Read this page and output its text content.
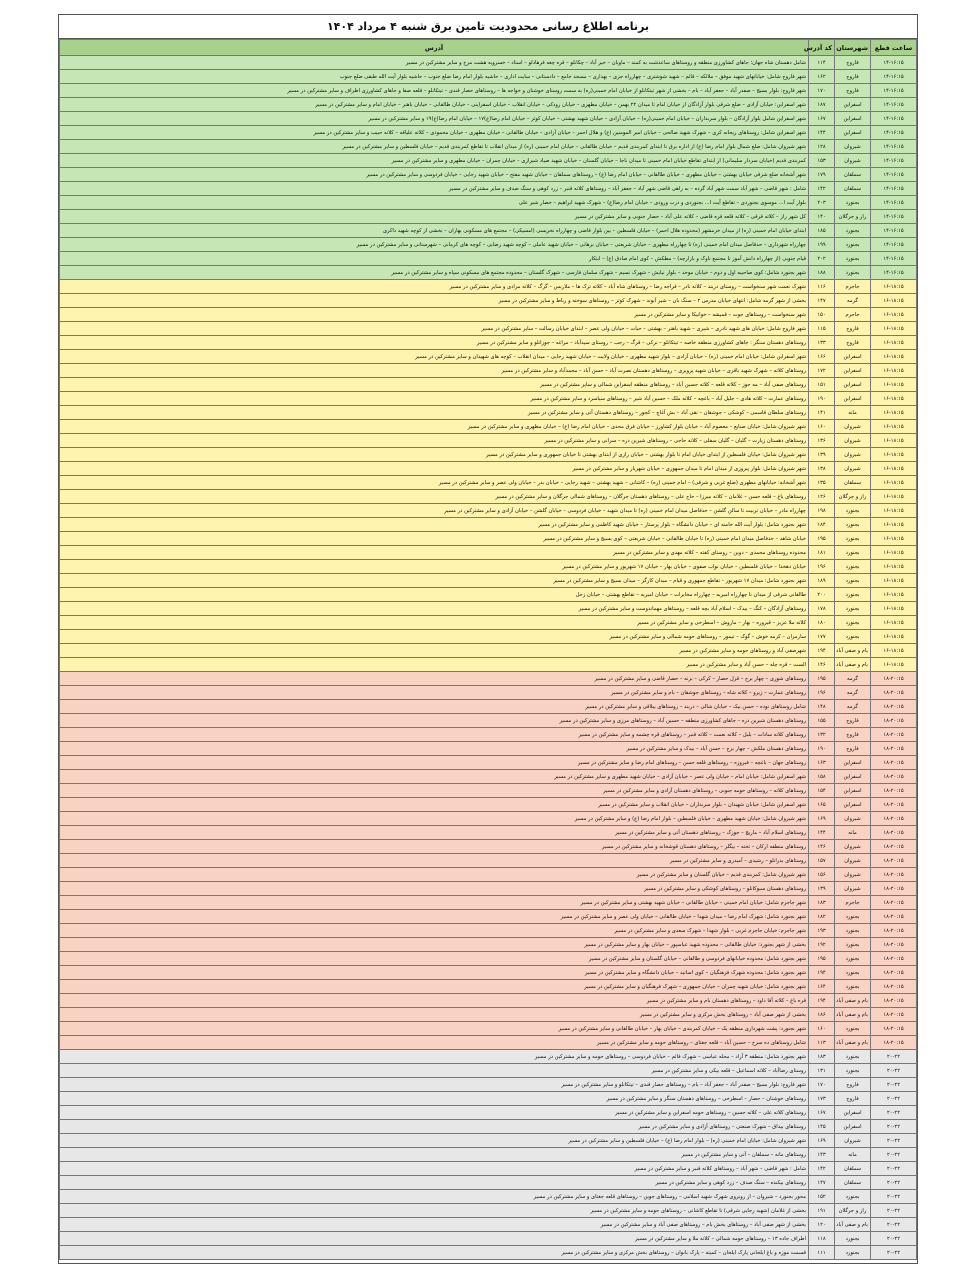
برنامه اطلاع رسانی محدودیت تامین برق شنبه ۴ مرداد ۱۴۰۴
ساعت قطع	شهرستان	کد آدرس	آدرس
۱۴-۱۶:۱۵	فاروج	۱۱۴	شامل دهستان شاه جهان؛ جاهای کشاورزی منطقه و روستاهای ساعدشت به کمند – ماویان – خیر آباد – چکانلو – قره چغه فرهادلو – استاد – خسرویه هشت مرخ و سایر مشترکین در مسیر
۱۴-۱۶:۱۵	فاروج	۱۶۲	شهر فاروج شامل: خیابانهای شهید موفق – ملائکه – قائم – شهید شوشتری – چهارراه جزی – بهداری – مسجد جامع – دادستانی – سایت اداری – حاشیه بلوار امام رضا ضلع جنوب – حاشیه بلوار آیت الله طبقی ضلع جنوب
۱۴-۱۶:۱۵	فاروج	۱۷۰	شهر فاروج: بلوار بسیج – صفدر آباد – جعفر آباد – بام – بخشی از شهر تیتکانلو از خیابان امام خمینی(ره) به سمت روستای خوشنان و خواجه ها – روستاهای حصار قندی – تیتکانلو – قلعه صفا و جاهای کشاورزی اطراف و سایر مشترکین در مسیر
۱۴-۱۶:۱۵	اسفراین	۱۸۷	شهر اسفراین: خیابان آزادی – ضلع شرقی بلوار آزادگان از خیابان امام تا میدان ۲۲ بهمن – خیابان مطهری – خیابان رودکی – خیابان انقلاب – خیابان اسفراینی – خیابان طالقانی – خیابان باهنر – خیابان امام و سایر مشترکین در مسیر
۱۴-۱۶:۱۵	اسفراین	۱۶۷	شهر اسفراین شامل بلوار آزادگان – بلوار سربداران – خیابان امام خمینی(ره) – خیابان آزادی – خیابان شهید بهشتی – خیابان کوثر – خیابان امام رضا(ع)۱۷ – خیابان امام رضا(ع)۱۹ و سایر مشترکین در مسیر
۱۴-۱۶:۱۵	اسفراین	۱۴۴	شهر اسفراین شامل: روستاهای ریحانه کری – شهرک شهید صالحی – خیابان امیر المومنین (ع) و هلال احمر – خیابان آزادی – خیابان طالقانی – خیابان مطهری – خیابان محمودی – کلاته علیاقه – کلاته حبیب و سایر مشترکین در مسیر
۱۴-۱۶:۱۵	شیروان	۱۲۸	شهر شیروان شامل: ضلع شمال بلوار امام رضا (ع) از اداره برق تا ابتدای کمربندی قدیم – خیابان طالقانی – خیابان امام خمینی (ره) از میدان انقلاب تا تقاطع کمربندی قدیم – خیابان فلسطین و سایر مشترکین در مسیر
۱۴-۱۶:۱۵	شیروان	۱۵۳	کمربندی قدیم (خیابان سردار سلیمانی) از ابتدای تقاطع خیابان امام خمینی تا میدان ناجا – خیابان گلستان – خیابان شهید صیاد شیرازی – خیابان چمران – خیابان مطهری و سایر مشترکین در مسیر
۱۴-۱۶:۱۵	سملقان	۱۷۹	شهر آشخانه ضلع شرقی خیابان بهشتی – خیابان مطهری – خیابان طالقانی – خیابان امام رضا (ع) – روستاهای سملقان – خیابان شهید مفتح – خیابان شهید رجایی – خیابان فردوسی و سایر مشترکین در مسیر
۱۴-۱۶:۱۵	سملقان	۱۴۲	شامل : شهر قاضی – شهر آباد سمت شهر آباد گرده – به راهی قاضی شهر آباد – جعفر آباد – روستاهای کلاته قنبر – زرد کوهی و سنگ صدف و سایر مشترکین در مسیر
۱۴-۱۶:۱۵	بجنورد	۲۰۳	بلوار آیت ا... موسوی بجنوردی – تقاطع آیت ا... بجنوردی و درب ورودی – خیابان امام رضا(ع) – شهرک شهید ابراهیم – حصار شیر علی
۱۴-۱۶:۱۵	راز و جرگلان	۱۴۰	کل شهر راز – کلاته قرقی – کلاته قلعه قره قاضی – کلاته علی آباد – حصار جنوبی و سایر مشترکین در مسیر
۱۴-۱۶:۱۵	بجنورد	۱۸۵	ابتدای خیابان امام خمینی (ره) از میدان خرمشهر (محدوده هلال احمر) – خیابان فلسطین – بین بلوار قاضی و چهارراه نخریسی (امسیکی) – مجتمع های مسکونی بهاران – بخشی از کوچه شهید ذاکری
۱۴-۱۶:۱۵	بجنورد	۱۹۹	چهارراه شهرداری – حدفاصل میدان امام خمینی (ره) تا چهارراه مطهری – خیابان شریعتی – خیابان برهانی – خیابان شهید عاملی – کوچه شهید رضایی – کوچه های کرمانی – شهرستانی و سایر مشترکین در مسیر
۱۴-۱۶:۱۵	بجنورد	۲۰۲	قیام جنوبی (از چهارراه دانش آموز تا مجتمع ناوک و بازارچه) – مطکش – کوی امام صادق (ع) – ابتکار
۱۴-۱۶:۱۵	بجنورد	۱۸۸	شهر بجنورد شامل: کوی صاحبیه اول و دوم – خیابان موحد – بلوار نیایش – شهرک نسیم – شهرک سلمان فارسی – شهرک گلستان – محدوده مجتمع های مسکونی سپاه و سایر مشترکین در مسیر
۱۶-۱۸:۱۵	جاجرم	۱۱۶	شهرک نعمت شهر سنخواست – روستای دربند – کلاته نادر – قراجه رضا – روستاهای شاه آباد – کلاته ترک ها – ملاربس – گرگ – کلاته مرادی و سایر مشترکین در مسیر
۱۶-۱۸:۱۵	گرمه	۱۴۷	بخشی از شهر گرمه شامل: انتهای خیابان مدرس ۲ – سنگ بان – شیر آبوند – شهرک کوثر – روستاهای سوخته و رباط و سایر مشترکین در مسیر
۱۶-۱۸:۱۵	جاجرم	۱۵۰	شهر سنخواست – روستاهای جوت – قمیشه – خوانیکا و سایر مشترکین در مسیر
۱۶-۱۸:۱۵	فاروج	۱۱۵	شهر فاروج شامل: خیابان های شهید نادری – شیری – شهید باهنر – بهشتی – حیات – خیابان ولی عصر – ابتدای خیابان رسالت – سایر مشترکین در مسیر
۱۶-۱۸:۱۵	فاروج	۱۳۳	روستاهای دهستان سنگر : جاهای کشاورزی منطقه خاصه – تیتکانلو – نرکی – قرگ – رجب – روستای سیدآباد – مراغه – جوزانلو و سایر مشترکین در مسیر
۱۶-۱۸:۱۵	اسفراین	۱۶۶	شهر اسفراین شامل: خیابان امام خمینی (ره) – خیابان آزادی – بلوار شهید مطهری – خیابان ولایت – خیابان شهید رجایی – میدان انقلاب – کوچه های شهیدان و سایر مشترکین در مسیر
۱۶-۱۸:۱۵	اسفراین	۱۷۲	روستاهای کلاته – شهرک شهید باقری – خیابان شهید پرویزی – روستاهای دهستان نصرت آباد – حسن آباد – محمدآباد و سایر مشترکین در مسیر
۱۶-۱۸:۱۵	اسفراین	۱۵۱	روستاهای صفی آباد – مه جوز – کلاته قلعه – کلاته حسین آباد – روستاهای منطقه اسفراین شمالی و سایر مشترکین در مسیر
۱۶-۱۸:۱۵	اسفراین	۱۹۰	روستاهای عمارت – کلاته هادی – جلیل آباد – باغچه – کلاته ملک – حسین آباد شیر – روستاهای سیاسرد و سایر مشترکین در مسیر
۱۶-۱۸:۱۵	مانه	۱۴۱	روستاهای سلطان قاسمی – کوشکی – جوشقان – نقی آباد – بش آغاچ – کجور – روستاهای دهستان آتی و سایر مشترکین در مسیر
۱۶-۱۸:۱۵	شیروان	۱۶۰	شهر شیروان شامل: خیابان صنایع – معصوم آباد – خیابان بلوار کشاورز – خیابان فرق محدی – خیابان امام رضا (ع) – خیابان مطهری و سایر مشترکین در مسیر
۱۶-۱۸:۱۵	شیروان	۱۳۶	روستاهای دهستان زیارت – گلیان – گلیان سفلی – کلاته حاجی – روستاهای شیرین دره – سرانی و سایر مشترکین در مسیر
۱۶-۱۸:۱۵	شیروان	۱۳۹	شهر شیروان شامل: خیابان فلسطین از ابتدای خیابان امام تا بلوار بهشتی – خیابان رازی از ابتدای بهشتی تا خیابان جمهوری و سایر مشترکین در مسیر
۱۶-۱۸:۱۵	شیروان	۱۳۸	شهر شیروان شامل: بلوار پیروزی از میدان امام تا میدان جمهوری – خیابان شهریار و سایر مشترکین در مسیر
۱۶-۱۸:۱۵	سملقان	۱۳۵	شهر آشخانه: خیابانهای مطهری (ضلع غربی و شرقی) – امام خمینی (ره) – کاشانی – شهید بهشتی – شهید رجایی – خیابان بدر – خیابان ولی عصر و سایر مشترکین در مسیر
۱۶-۱۸:۱۵	راز و جرگلان	۱۲۶	روستاهای باغ – قلعه حسن – غلامان – کلاته میرزا – حاج علی – روستاهای دهستان جرگلان – روستاهای شمالی جرگلان و سایر مشترکین در مسیر
۱۶-۱۸:۱۵	بجنورد	۱۹۸	چهارراه مادر – خیابان تربیت تا سالن گلشن – حدفاصل میدان امام خمینی (ره) تا میدان شهید – خیابان فردوسی – خیابان گلشن – خیابان آزادی و سایر مشترکین در مسیر
۱۶-۱۸:۱۵	بجنورد	۱۸۴	شهر بجنورد شامل: بلوار آیت الله خامنه ای – خیابان دانشگاه – بلوار پرستار – خیابان شهید کاظمی و سایر مشترکین در مسیر
۱۶-۱۸:۱۵	بجنورد	۱۹۵	خیابان شاهد – حدفاصل میدان امام خمینی (ره) تا خیابان طالقانی – خیابان شریعتی – کوی بسیج و سایر مشترکین در مسیر
۱۶-۱۸:۱۵	بجنورد	۱۸۱	محدوده روستاهای محمدی – دوین – روستای کفته – کلاته مهدی و سایر مشترکین در مسیر
۱۶-۱۸:۱۵	بجنورد	۱۹۶	خیابان دهخدا – خیابان فلسطین – خیابان نواب صفوی – خیابان بهار – خیابان ۱۷ شهریور و سایر مشترکین در مسیر
۱۶-۱۸:۱۵	بجنورد	۱۸۹	شهر بجنورد شامل: میدان ۱۷ شهریور – تقاطع جمهوری و قیام – میدان کارگر – میدان بسیج و سایر مشترکین در مسیر
۱۶-۱۸:۱۵	بجنورد	۲۰۰	طالقانی شرقی از میدان تا چهارراه امیریه – چهارراه مخابرات – خیابان امیریه – تقاطع بهشتی – خیابان زحل
۱۶-۱۸:۱۵	بجنورد	۱۷۸	روستاهای آزادگان – کنگ – بیدک – اسلام آباد بچه قلعه – روستاهای مهماندوست و سایر مشترکین در مسیر
۱۶-۱۸:۱۵	بجنورد	۱۸۰	کلاته ملا عزیز – قیروره – بهار – ماروش – اسطرخی و سایر مشترکین در مسیر
۱۶-۱۸:۱۵	بجنورد	۱۷۷	سارمران – کرمه خوش – گوک – تیمور – روستاهای حومه شمالی و سایر مشترکین در مسیر
۱۶-۱۸:۱۵	بام و صفی آباد	۱۹۴	شهرصفی آباد و روستاهای حومه و سایر مشترکین در مسیر
۱۶-۱۸:۱۵	بام و صفی آباد	۱۴۶	الست – قره چله – حسن آباد و سایر مشترکین در مسیر
۱۸-۲۰:۱۵	گرمه	۱۹۵	روستاهای شوری – چهار برج – قزل حصار – کرکی – بزنه – حصار قاضی و سایر مشترکین در مسیر
۱۸-۲۰:۱۵	گرمه	۱۹۶	روستاهای عمارت – زیرو – کلاته شاه – روستاهای جوشقان – بام و سایر مشترکین در مسیر
۱۸-۲۰:۱۵	گرمه	۱۴۸	شامل روستاهای نوده – حسن بیک – خیابان شالی – دربند – روستاهای ییلاقی و سایر مشترکین در مسیر
۱۸-۲۰:۱۵	فاروج	۱۵۵	روستاهای دهستان شیرین دره – جاهای کشاورزی منطقه – حسین آباد – روستاهای مرزی و سایر مشترکین در مسیر
۱۸-۲۰:۱۵	فاروج	۱۳۲	روستاهای کلاته سادات – بلبل – کلاته نعمت – کلاته قنبر – روستاهای قره چشمه و سایر مشترکین در مسیر
۱۸-۲۰:۱۵	فاروج	۱۹۰	روستاهای دهستان ملکش – چهار برج – حسن آباد – بیدک و سایر مشترکین در مسیر
۱۸-۲۰:۱۵	اسفراین	۱۶۳	روستاهای جهان – باغچه – فیروزه – روستاهای قلعه حسن – روستاهای امام رضا و سایر مشترکین در مسیر
۱۸-۲۰:۱۵	اسفراین	۱۵۸	شهر اسفراین شامل: خیابان امام – خیابان ولی عصر – خیابان آزادی – خیابان شهید مطهری و سایر مشترکین در مسیر
۱۸-۲۰:۱۵	اسفراین	۱۵۴	روستاهای کلاته – روستاهای حومه جنوبی – روستاهای دهستان آزادی و سایر مشترکین در مسیر
۱۸-۲۰:۱۵	اسفراین	۱۶۵	شهر اسفراین شامل: خیابان شهیدان – بلوار سربداران – خیابان انقلاب و سایر مشترکین در مسیر
۱۸-۲۰:۱۵	شیروان	۱۶۹	شهر شیروان شامل: خیابان شهید مطهری – خیابان فلسطین – بلوار امام رضا (ع) و سایر مشترکین در مسیر
۱۸-۲۰:۱۵	مانه	۱۴۴	روستاهای اسلام آباد – ماریچ – جوزک – روستاهای دهستان آتی و سایر مشترکین در مسیر
۱۸-۲۰:۱۵	شیروان	۱۴۶	روستاهای منطقه ارکان – تخته – بیگلر – روستاهای دهستان قوشخانه و سایر مشترکین در مسیر
۱۸-۲۰:۱۵	شیروان	۱۵۷	روستاهای بدرانلو – رشیدی – آمیدری و سایر مشترکین در مسیر
۱۸-۲۰:۱۵	شیروان	۱۵۶	شهر شیروان شامل: کمربندی قدیم – خیابان گلستان و سایر مشترکین در مسیر
۱۸-۲۰:۱۵	شیروان	۱۳۹	روستاهای دهستان سیوکانلو – روستاهای کوشکی و سایر مشترکین در مسیر
۱۸-۲۰:۱۵	جاجرم	۱۸۳	شهر جاجرم شامل: خیابان امام خمینی – خیابان طالقانی – خیابان شهید بهشتی و سایر مشترکین در مسیر
۱۸-۲۰:۱۵	بجنورد	۱۸۲	شهر بجنورد شامل: شهرک امام رضا – میدان شهدا – خیابان طالقانی – خیابان ولی عصر و سایر مشترکین در مسیر
۱۸-۲۰:۱۵	بجنورد	۱۹۳	شهر جاجرم: خیابان جاجرم غربی – بلوار شهدا – شهرک سعدی و سایر مشترکین در مسیر
۱۸-۲۰:۱۵	بجنورد	۱۹۲	بخشی از شهر بجنورد: خیابان طالقانی – محدوده شهید عباسپور – خیابان بهار و سایر مشترکین در مسیر
۱۸-۲۰:۱۵	بجنورد	۱۹۵	شهر بجنورد شامل: محدوده خیابانهای فردوسی و طالقانی – خیابان گلستان و سایر مشترکین در مسیر
۱۸-۲۰:۱۵	بجنورد	۱۹۴	شهر بجنورد شامل: محدوده شهرک فرهنگیان – کوی اساتید – خیابان دانشگاه و سایر مشترکین در مسیر
۱۸-۲۰:۱۵	بجنورد	۱۶۴	شهر بجنورد شامل: خیابان شهید چمران – خیابان جمهوری – شهرک فرهنگیان و سایر مشترکین در مسیر
۱۸-۲۰:۱۵	بام و صفی آباد	۱۹۴	قره باغ – کلاته آقا داود – روستاهای دهستان بام و سایر مشترکین در مسیر
۱۸-۲۰:۱۵	بام و صفی آباد	۱۸۶	بخشی از شهر صفی آباد – روستاهای بخش مرکزی و سایر مشترکین در مسیر
۱۸-۲۰:۱۵	بجنورد	۱۶۰	شهر بجنورد: پشت شهرداری منطقه یک – خیابان کمربندی – خیابان بهار – خیابان طالقانی و سایر مشترکین در مسیر
۱۸-۲۰:۱۵	بام و صفی آباد	۱۱۳	شامل روستاهای ده سرخ – حسین آباد – قلعه جغتای – روستاهای حومه و سایر مشترکین در مسیر
۲۰-۲۲	بجنورد	۱۸۳	شهر بجنورد شامل: منطقه ۳ آزاد – محله عباسی – شهرک قائم – خیابان فردوسی – روستاهای حومه و سایر مشترکین در مسیر
۲۰-۲۲	بجنورد	۱۳۱	روستای رضاآباد – کلاته اسماعیل – قلعه بیکی و سایر مشترکین در مسیر
۲۰-۲۲	فاروج	۱۷۰	شهر فاروج: بلوار بسیج – صفدر آباد – جعفر آباد – بام – روستاهای حصار قندی – تیتکانلو و سایر مشترکین در مسیر
۲۰-۲۲	فاروج	۱۷۳	روستاهای خوشنان – حصار – اسطرخی – روستاهای دهستان سنگر و سایر مشترکین در مسیر
۲۰-۲۲	اسفراین	۱۶۷	روستاهای کلاته علی – کلاته حسین – روستاهای حومه اسفراین و سایر مشترکین در مسیر
۲۰-۲۲	اسفراین	۱۴۵	روستاهای بیداق – شهرک صنعتی – روستاهای آزادی و سایر مشترکین در مسیر
۲۰-۲۲	شیروان	۱۶۹	شهر شیروان شامل: خیابان امام خمینی (ره) – بلوار امام رضا (ع) – خیابان فلسطین و سایر مشترکین در مسیر
۲۰-۲۲	مانه	۱۴۳	روستاهای مانه – سملقان – آتی و سایر مشترکین در مسیر
۲۰-۲۲	سملقان	۱۴۲	شامل : شهر قاضی – شهر آباد – روستاهای کلاته قنبر و سایر مشترکین در مسیر
۲۰-۲۲	سملقان	۱۴۷	روستاهای بیکنده – سنگ صدف – زرد کوهی و سایر مشترکین در مسیر
۲۰-۲۲	بجنورد	۱۵۲	محور بجنورد – شیروان – از روبروی شهرک شهید اسلامی – روستاهای جوین – روستاهای قلعه جغتای و سایر مشترکین در مسیر
۲۰-۲۲	راز و جرگلان	۱۹۱	بخشی از غلامان (شهید رجایی شرقی) تا تقاطع کاشانی – روستاهای حومه و سایر مشترکین در مسیر
۲۰-۲۲	بام و صفی آباد	۱۲۰	بخشی از شهر صفی آباد – روستاهای بخش بام – روستاهای صفی آباد و سایر مشترکین در مسیر
۲۰-۲۲	بجنورد	۱۱۸	اطراف جاده ۱۳ – روستاهای حومه شمالی – کلاته ملا و سایر مشترکین در مسیر
۲۰-۲۲	بجنورد	۱۱۱	قسمت موزه و باغ ایلخانی پارک ایلخان – کمیته – پارک بانوان – روستاهای بخش مرکزی و سایر مشترکین در مسیر
